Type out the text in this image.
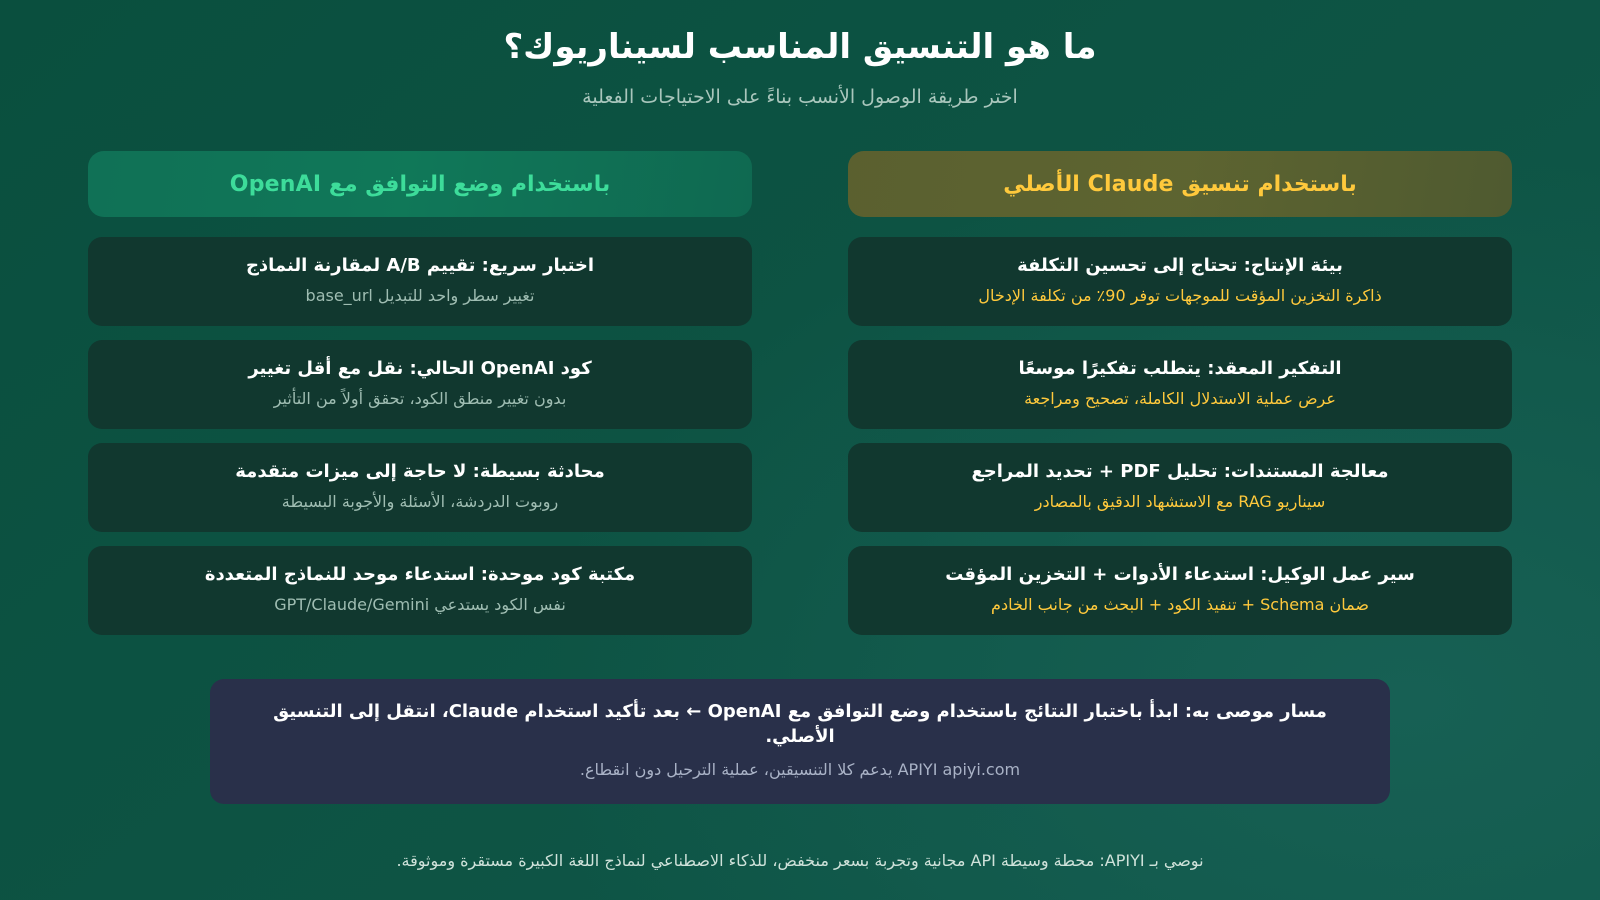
ما هو التنسيق المناسب لسيناريوك؟
اختر طريقة الوصول الأنسب بناءً على الاحتياجات الفعلية
باستخدام تنسيق Claude الأصلي
بيئة الإنتاج: تحتاج إلى تحسين التكلفة
ذاكرة التخزين المؤقت للموجهات توفر 90٪ من تكلفة الإدخال
التفكير المعقد: يتطلب تفكيرًا موسعًا
عرض عملية الاستدلال الكاملة، تصحيح ومراجعة
معالجة المستندات: تحليل PDF + تحديد المراجع
سيناريو RAG مع الاستشهاد الدقيق بالمصادر
سير عمل الوكيل: استدعاء الأدوات + التخزين المؤقت
ضمان Schema + تنفيذ الكود + البحث من جانب الخادم
باستخدام وضع التوافق مع OpenAI
اختبار سريع: تقييم A/B لمقارنة النماذج
تغيير سطر واحد للتبديل base_url
كود OpenAI الحالي: نقل مع أقل تغيير
بدون تغيير منطق الكود، تحقق أولاً من التأثير
محادثة بسيطة: لا حاجة إلى ميزات متقدمة
روبوت الدردشة، الأسئلة والأجوبة البسيطة
مكتبة كود موحدة: استدعاء موحد للنماذج المتعددة
نفس الكود يستدعي GPT/Claude/Gemini
مسار موصى به: ابدأ باختبار النتائج باستخدام وضع التوافق مع OpenAI ← بعد تأكيد استخدام Claude، انتقل إلى التنسيق الأصلي.
APIYI apiyi.com يدعم كلا التنسيقين، عملية الترحيل دون انقطاع.
نوصي بـ APIYI: محطة وسيطة API مجانية وتجربة بسعر منخفض، للذكاء الاصطناعي لنماذج اللغة الكبيرة مستقرة وموثوقة.
